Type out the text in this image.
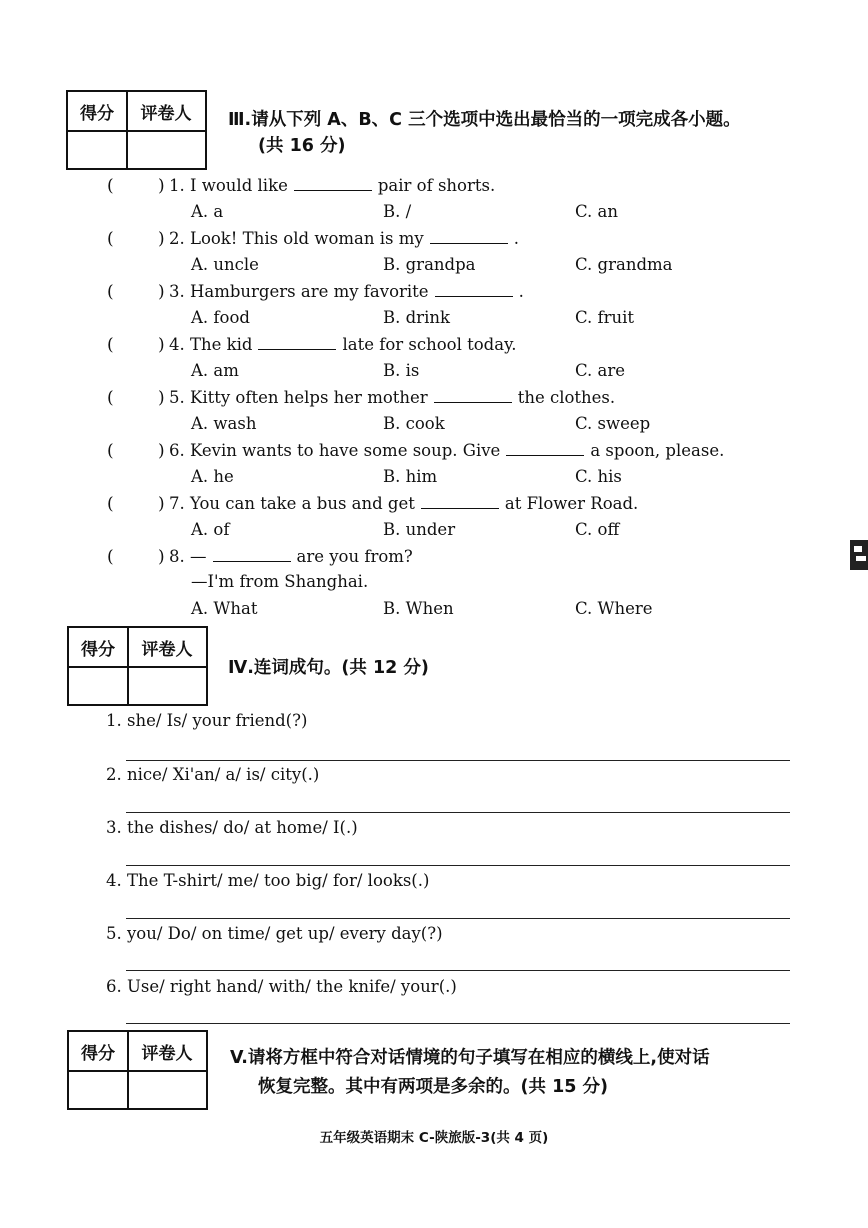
得分	评卷人	Ⅲ.请从下列 A、B、C 三个选项中选出最恰当的一项完成各小题。
(共 16 分)
(	) 1. I would like	pair of shorts.
A. a	B. /	C. an
(	) 2. Look! This old woman is my	.
A. uncle	B. grandpa	C. grandma
(	) 3. Hamburgers are my favorite	.
A. food	B. drink	C. fruit
(	) 4. The kid	late for school today.
A. am	B. is	C. are
(	) 5. Kitty often helps her mother	the clothes.
A. wash	B. cook	C. sweep
(	) 6. Kevin wants to have some soup. Give	a spoon, please.
A. he	B. him	C. his
(	) 7. You can take a bus and get	at Flower Road.
A. of	B. under	C. off
(	) 8. —	are you from?
—I'm from Shanghai.
A. What	B. When	C. Where
得分	评卷人
Ⅳ.连词成句。(共 12 分)
1. she/ Is/ your friend(?)
2. nice/ Xi'an/ a/ is/ city(.)
3. the dishes/ do/ at home/ I(.)
4. The T-shirt/ me/ too big/ for/ looks(.)
5. you/ Do/ on time/ get up/ every day(?)
6. Use/ right hand/ with/ the knife/ your(.)
得分	评卷人	V.请将方框中符合对话情境的句子填写在相应的横线上,使对话
恢复完整。其中有两项是多余的。(共 15 分)
五年级英语期末 C-陕旅版-3(共 4 页)
